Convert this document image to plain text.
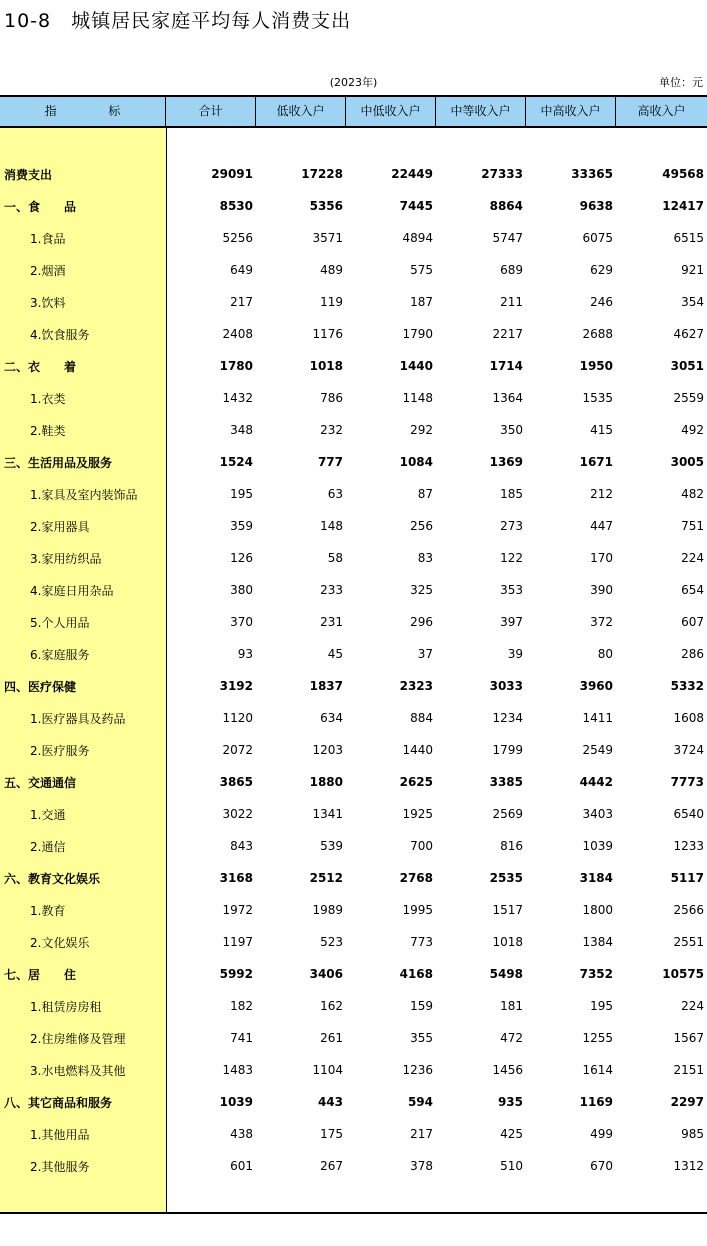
10-8 城镇居民家庭平均每人消费支出
(2023年)	单位：元
指 标	合计	低收入户	中低收入户	中等收入户	中高收入户	高收入户
消费支出	29091	17228	22449	27333	33365	49568
一、食　　品	8530	5356	7445	8864	9638	12417
1.食品	5256	3571	4894	5747	6075	6515
2.烟酒	649	489	575	689	629	921
3.饮料	217	119	187	211	246	354
4.饮食服务	2408	1176	1790	2217	2688	4627
二、衣　　着	1780	1018	1440	1714	1950	3051
1.衣类	1432	786	1148	1364	1535	2559
2.鞋类	348	232	292	350	415	492
三、生活用品及服务	1524	777	1084	1369	1671	3005
1.家具及室内装饰品	195	63	87	185	212	482
2.家用器具	359	148	256	273	447	751
3.家用纺织品	126	58	83	122	170	224
4.家庭日用杂品	380	233	325	353	390	654
5.个人用品	370	231	296	397	372	607
6.家庭服务	93	45	37	39	80	286
四、医疗保健	3192	1837	2323	3033	3960	5332
1.医疗器具及药品	1120	634	884	1234	1411	1608
2.医疗服务	2072	1203	1440	1799	2549	3724
五、交通通信	3865	1880	2625	3385	4442	7773
1.交通	3022	1341	1925	2569	3403	6540
2.通信	843	539	700	816	1039	1233
六、教育文化娱乐	3168	2512	2768	2535	3184	5117
1.教育	1972	1989	1995	1517	1800	2566
2.文化娱乐	1197	523	773	1018	1384	2551
七、居　　住	5992	3406	4168	5498	7352	10575
1.租赁房房租	182	162	159	181	195	224
2.住房维修及管理	741	261	355	472	1255	1567
3.水电燃料及其他	1483	1104	1236	1456	1614	2151
八、其它商品和服务	1039	443	594	935	1169	2297
1.其他用品	438	175	217	425	499	985
2.其他服务	601	267	378	510	670	1312
